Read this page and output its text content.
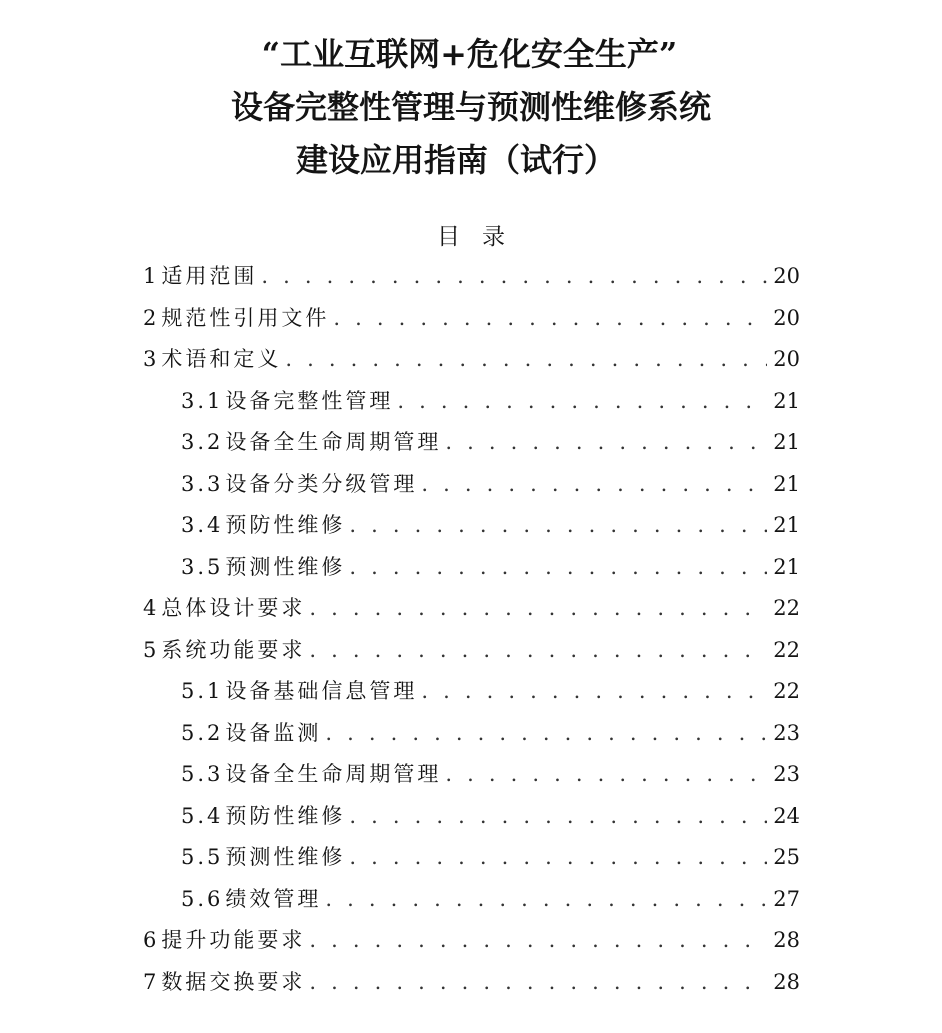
“工业互联网+危化安全生产”
设备完整性管理与预测性维修系统
建设应用指南（试行）
目录
1适用范围 . . .	20
2规范性引用文件 . . .	20
3术语和定义 . . .	20
3.1设备完整性管理 . . .	21
3.2设备全生命周期管理 . . .	21
3.3设备分类分级管理 . . .	21
3.4预防性维修 . . .	21
3.5预测性维修 . . .	21
4总体设计要求 . . .	22
5系统功能要求 . . .	22
5.1设备基础信息管理 . . .	22
5.2设备监测 . . .	23
5.3设备全生命周期管理 . . .	23
5.4预防性维修 . . .	24
5.5预测性维修 . . .	25
5.6绩效管理 . . .	27
6提升功能要求 . . .	28
7数据交换要求 . . .	28
